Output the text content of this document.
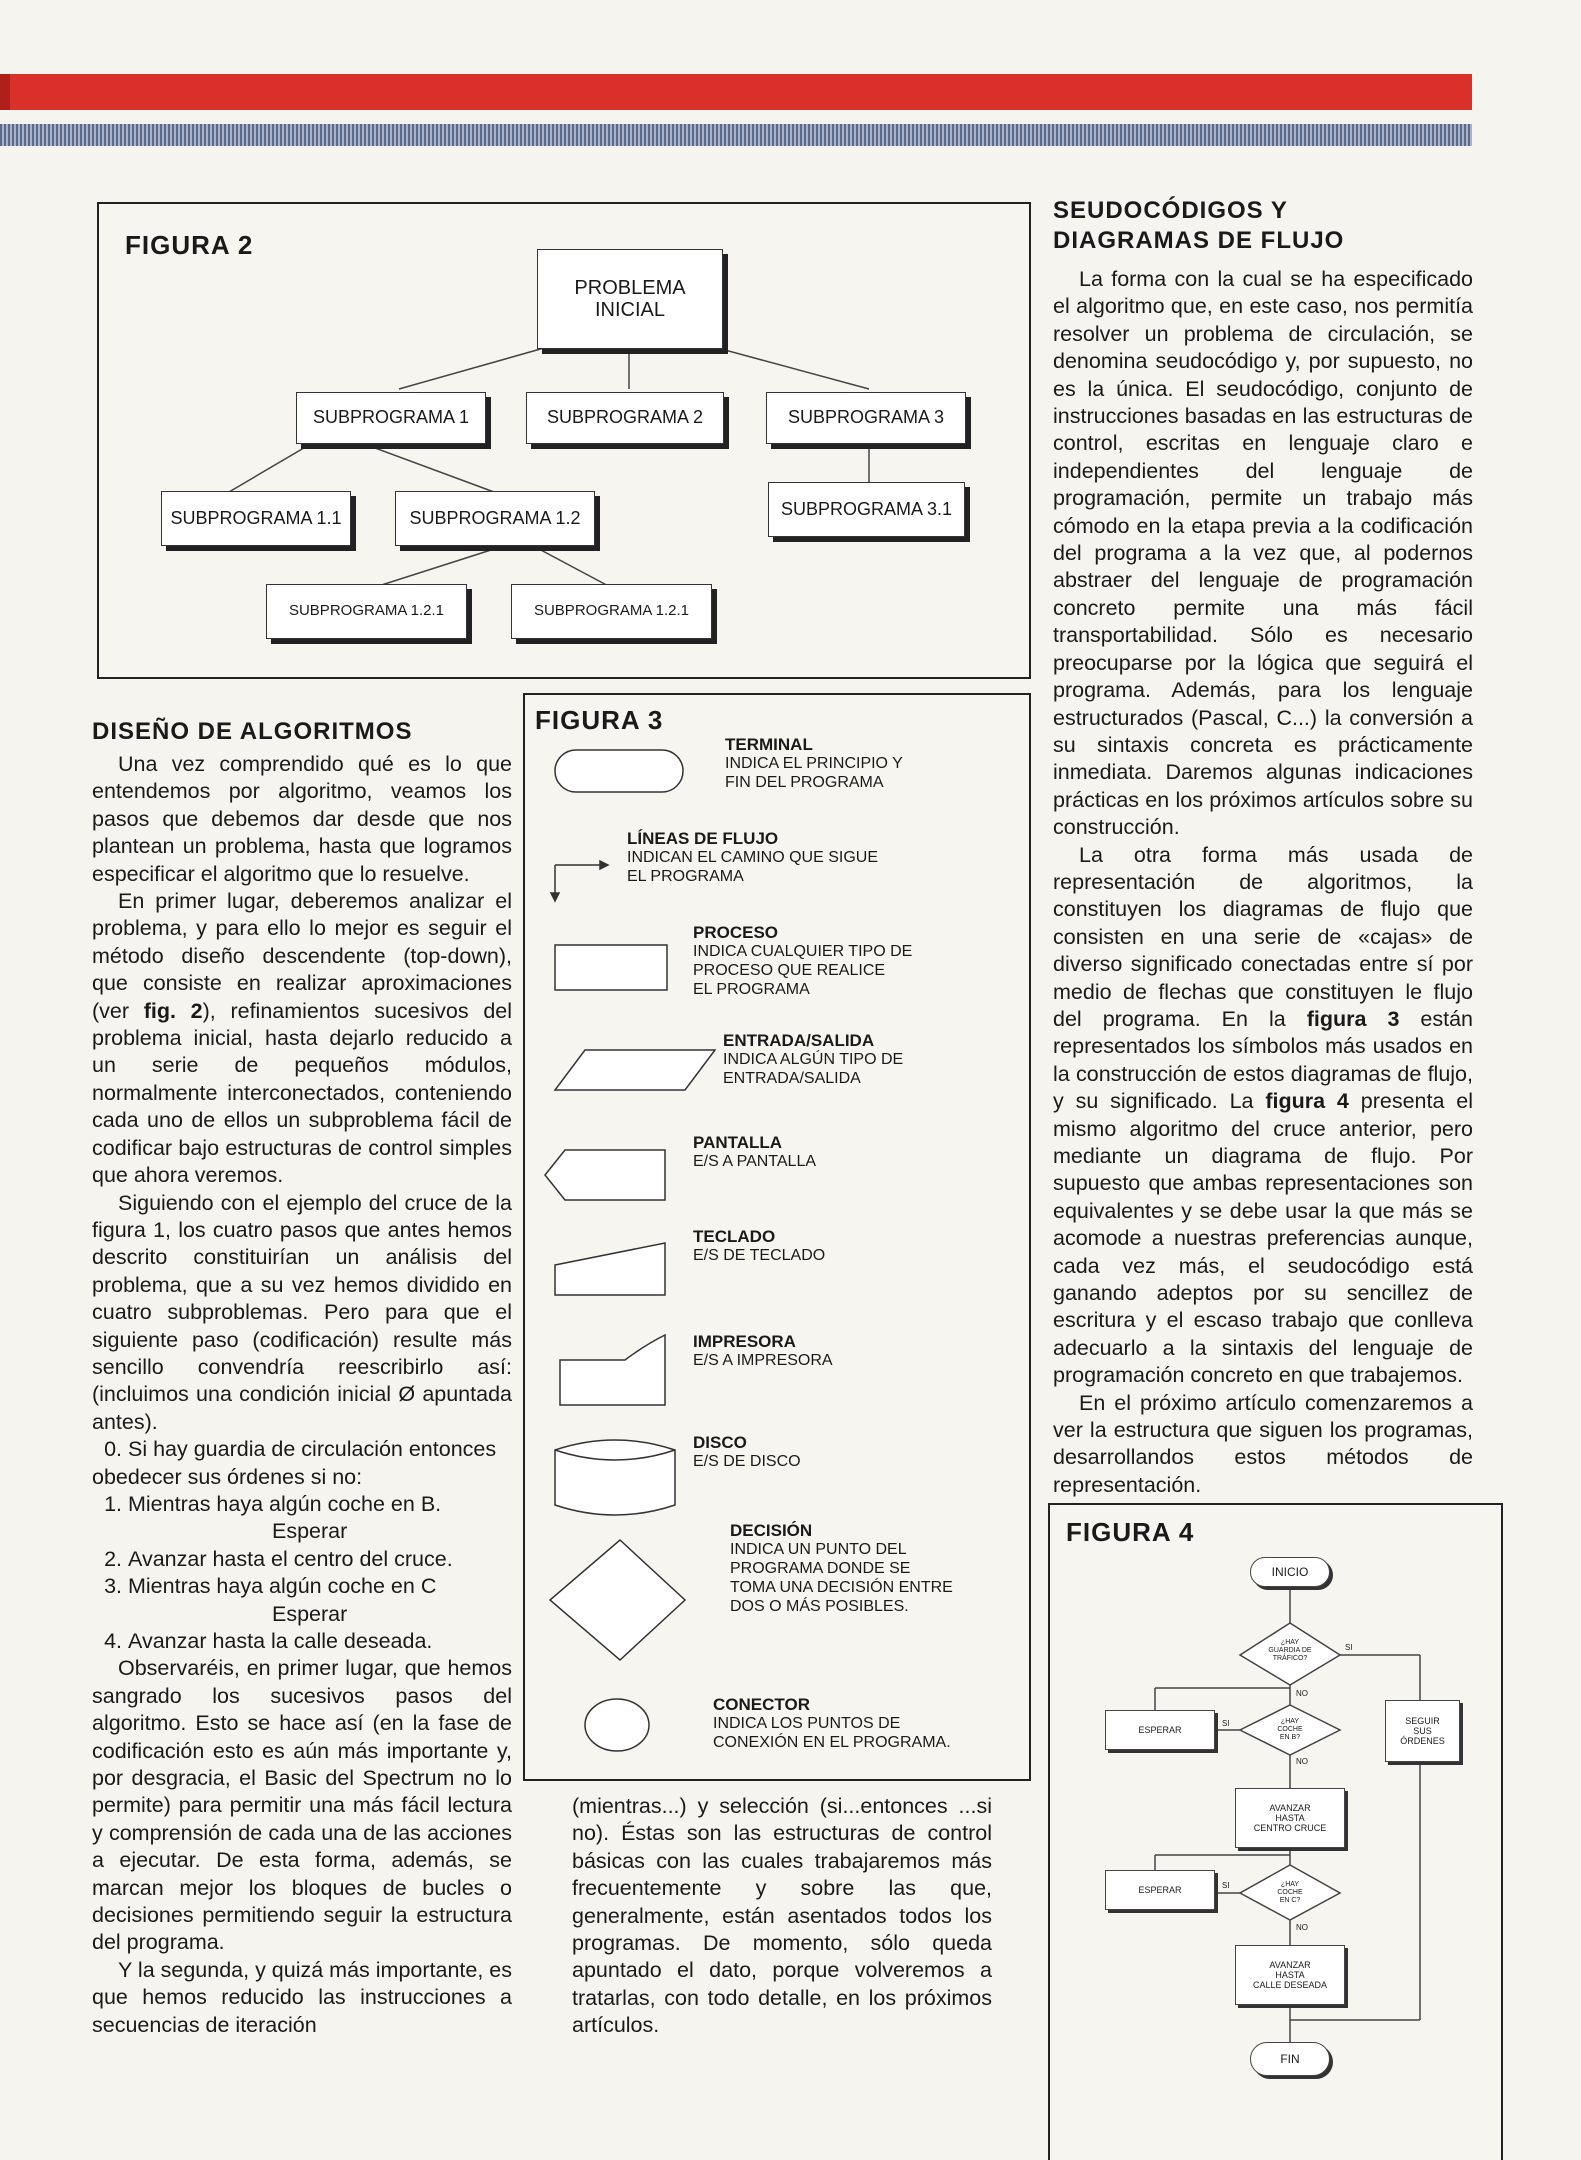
FIGURA 2
PROBLEMA
INICIAL
SUBPROGRAMA 1	SUBPROGRAMA 2	SUBPROGRAMA 3
SUBPROGRAMA 1.1	SUBPROGRAMA 1.2	SUBPROGRAMA 3.1
SUBPROGRAMA 1.2.1	SUBPROGRAMA 1.2.1
FIGURA 3
TERMINAL
INDICA EL PRINCIPIO Y
FIN DEL PROGRAMA
LÍNEAS DE FLUJO
INDICAN EL CAMINO QUE SIGUE
EL PROGRAMA
PROCESO
INDICA CUALQUIER TIPO DE
PROCESO QUE REALICE
EL PROGRAMA
ENTRADA/SALIDA
INDICA ALGÚN TIPO DE
ENTRADA/SALIDA
PANTALLA
E/S A PANTALLA
TECLADO
E/S DE TECLADO
IMPRESORA
E/S A IMPRESORA
DISCO
E/S DE DISCO
DECISIÓN
INDICA UN PUNTO DEL
PROGRAMA DONDE SE
TOMA UNA DECISIÓN ENTRE
DOS O MÁS POSIBLES.
CONECTOR
INDICA LOS PUNTOS DE
CONEXIÓN EN EL PROGRAMA.
DISEÑO DE ALGORITMOS

Una vez comprendido qué es lo que entendemos por algoritmo, veamos los pasos que debemos dar desde que nos plantean un problema, hasta que logramos especificar el algoritmo que lo resuelve.

En primer lugar, deberemos analizar el problema, y para ello lo mejor es seguir el método diseño descendente (top-down), que consiste en realizar aproximaciones (ver fig. 2), refinamientos sucesivos del problema inicial, hasta dejarlo reducido a un serie de pequeños módulos, normalmente interconectados, conteniendo cada uno de ellos un subproblema fácil de codificar bajo estructuras de control simples que ahora veremos.

Siguiendo con el ejemplo del cruce de la figura 1, los cuatro pasos que antes hemos descrito constituirían un análisis del problema, que a su vez hemos dividido en cuatro subproblemas. Pero para que el siguiente paso (codificación) resulte más sencillo convendría reescribirlo así: (incluimos una condición inicial Ø apuntada antes).

0. Si hay guardia de circulación entonces obedecer sus órdenes si no:
1. Mientras haya algún coche en B.
Esperar
2. Avanzar hasta el centro del cruce.
3. Mientras haya algún coche en C
Esperar
4. Avanzar hasta la calle deseada.

Observaréis, en primer lugar, que hemos sangrado los sucesivos pasos del algoritmo. Esto se hace así (en la fase de codificación esto es aún más importante y, por desgracia, el Basic del Spectrum no lo permite) para permitir una más fácil lectura y comprensión de cada una de las acciones a ejecutar. De esta forma, además, se marcan mejor los bloques de bucles o decisiones permitiendo seguir la estructura del programa.

Y la segunda, y quizá más importante, es que hemos reducido las instrucciones a secuencias de iteración

(mientras...) y selección (si...entonces ...si no). Éstas son las estructuras de control básicas con las cuales trabajaremos más frecuentemente y sobre las que, generalmente, están asentados todos los programas. De momento, sólo queda apuntado el dato, porque volveremos a tratarlas, con todo detalle, en los próximos artículos.

SEUDOCÓDIGOS Y
DIAGRAMAS DE FLUJO

La forma con la cual se ha especificado el algoritmo que, en este caso, nos permitía resolver un problema de circulación, se denomina seudocódigo y, por supuesto, no es la única. El seudocódigo, conjunto de instrucciones basadas en las estructuras de control, escritas en lenguaje claro e independientes del lenguaje de programación, permite un trabajo más cómodo en la etapa previa a la codificación del programa a la vez que, al podernos abstraer del lenguaje de programación concreto permite una más fácil transportabilidad. Sólo es necesario preocuparse por la lógica que seguirá el programa. Además, para los lenguaje estructurados (Pascal, C...) la conversión a su sintaxis concreta es prácticamente inmediata. Daremos algunas indicaciones prácticas en los próximos artículos sobre su construcción.

La otra forma más usada de representación de algoritmos, la constituyen los diagramas de flujo que consisten en una serie de «cajas» de diverso significado conectadas entre sí por medio de flechas que constituyen le flujo del programa. En la figura 3 están representados los símbolos más usados en la construcción de estos diagramas de flujo, y su significado. La figura 4 presenta el mismo algoritmo del cruce anterior, pero mediante un diagrama de flujo. Por supuesto que ambas representaciones son equivalentes y se debe usar la que más se acomode a nuestras preferencias aunque, cada vez más, el seudocódigo está ganando adeptos por su sencillez de escritura y el escaso trabajo que conlleva adecuarlo a la sintaxis del lenguaje de programación concreto en que trabajemos.

En el próximo artículo comenzaremos a ver la estructura que siguen los programas, desarrollandos estos métodos de representación.

FIGURA 4
INICIO
¿HAY
GUARDIA DE
TRÁFICO?
¿HAY
COCHE
EN B?
¿HAY
COCHE
EN C?
ESPERAR
SEGUIR
SUS
ÓRDENES
AVANZAR
HASTA
CENTRO CRUCE
ESPERAR
AVANZAR
HASTA
CALLE DESEADA
FIN
SI
NO
SI
NO
SI
NO
